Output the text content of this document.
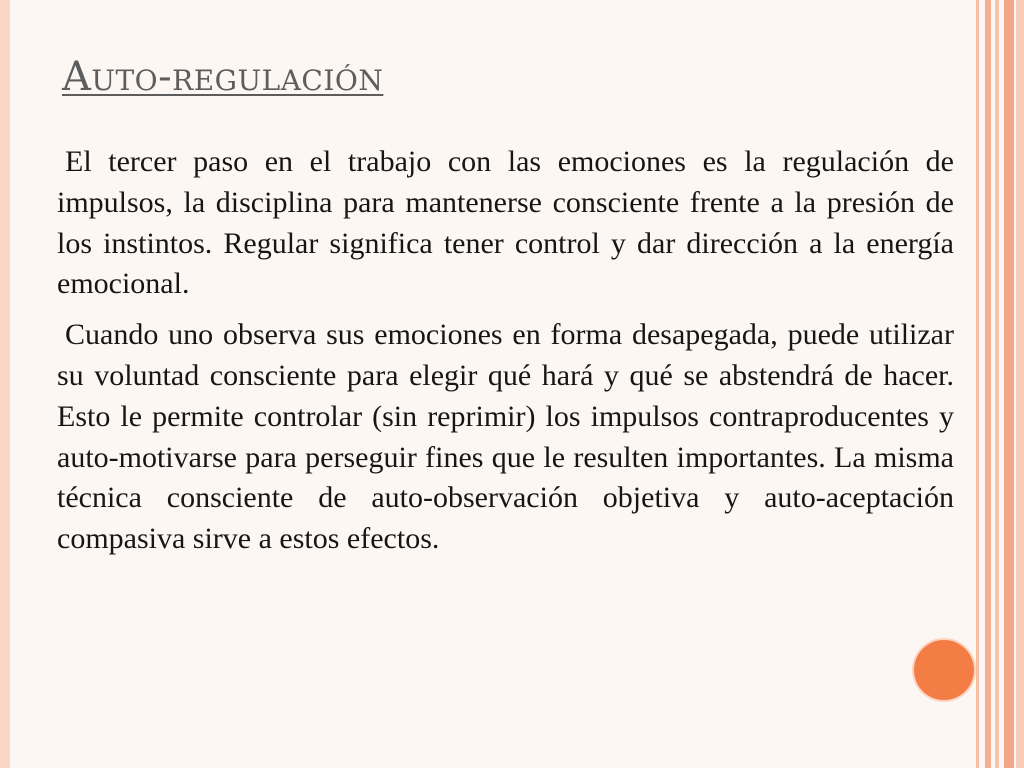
Auto-regulación

El tercer paso en el trabajo con las emociones es la regulación de impulsos, la disciplina para mantenerse consciente frente a la presión de los instintos. Regular significa tener control y dar dirección a la energía emocional.

Cuando uno observa sus emociones en forma desapegada, puede utilizar su voluntad consciente para elegir qué hará y qué se abstendrá de hacer. Esto le permite controlar (sin reprimir) los impulsos contraproducentes y auto-motivarse para perseguir fines que le resulten importantes. La misma técnica consciente de auto-observación objetiva y auto-aceptación compasiva sirve a estos efectos.
